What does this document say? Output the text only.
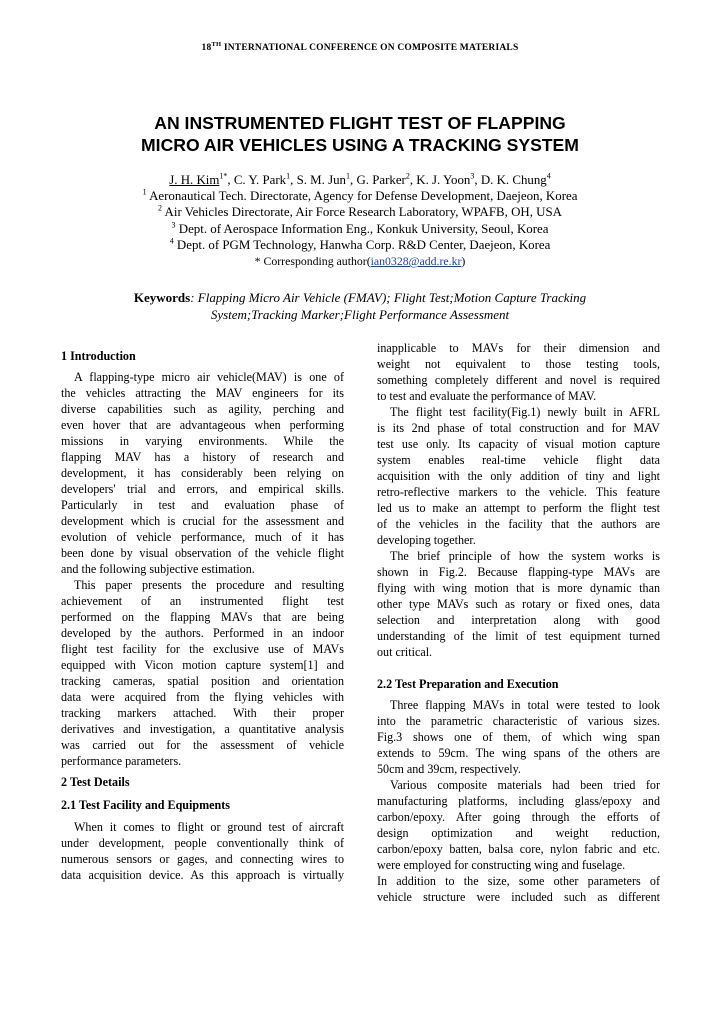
18TH INTERNATIONAL CONFERENCE ON COMPOSITE MATERIALS
AN INSTRUMENTED FLIGHT TEST OF FLAPPING
MICRO AIR VEHICLES USING A TRACKING SYSTEM
J. H. Kim$^{1*}$, C. Y. Park$^1$, S. M. Jun$^1$, G. Parker$^2$, K. J. Yoon$^3$, D. K. Chung$^4$
$^1$ Aeronautical Tech. Directorate, Agency for Defense Development, Daejeon, Korea
$^2$ Air Vehicles Directorate, Air Force Research Laboratory, WPAFB, OH, USA
$^3$ Dept. of Aerospace Information Eng., Konkuk University, Seoul, Korea
$^4$ Dept. of PGM Technology, Hanwha Corp. R&D Center, Daejeon, Korea
* Corresponding author(ian0328@add.re.kr)
Keywords: Flapping Micro Air Vehicle (FMAV); Flight Test;Motion Capture Tracking
System;Tracking Marker;Flight Performance Assessment
1 Introduction
A flapping-type micro air vehicle(MAV) is one of
the vehicles attracting the MAV engineers for its
diverse capabilities such as agility, perching and
even hover that are advantageous when performing
missions in varying environments. While the
flapping MAV has a history of research and
development, it has considerably been relying on
developers' trial and errors, and empirical skills.
Particularly in test and evaluation phase of
development which is crucial for the assessment and
evolution of vehicle performance, much of it has
been done by visual observation of the vehicle flight
and the following subjective estimation.
This paper presents the procedure and resulting
achievement of an instrumented flight test
performed on the flapping MAVs that are being
developed by the authors. Performed in an indoor
flight test facility for the exclusive use of MAVs
equipped with Vicon motion capture system[1] and
tracking cameras, spatial position and orientation
data were acquired from the flying vehicles with
tracking markers attached. With their proper
derivatives and investigation, a quantitative analysis
was carried out for the assessment of vehicle
performance parameters.
2 Test Details
2.1 Test Facility and Equipments
When it comes to flight or ground test of aircraft
under development, people conventionally think of
numerous sensors or gages, and connecting wires to
data acquisition device. As this approach is virtually
inapplicable to MAVs for their dimension and
weight not equivalent to those testing tools,
something completely different and novel is required
to test and evaluate the performance of MAV.
The flight test facility(Fig.1) newly built in AFRL
is its 2nd phase of total construction and for MAV
test use only. Its capacity of visual motion capture
system enables real-time vehicle flight data
acquisition with the only addition of tiny and light
retro-reflective markers to the vehicle. This feature
led us to make an attempt to perform the flight test
of the vehicles in the facility that the authors are
developing together.
The brief principle of how the system works is
shown in Fig.2. Because flapping-type MAVs are
flying with wing motion that is more dynamic than
other type MAVs such as rotary or fixed ones, data
selection and interpretation along with good
understanding of the limit of test equipment turned
out critical.
2.2 Test Preparation and Execution
Three flapping MAVs in total were tested to look
into the parametric characteristic of various sizes.
Fig.3 shows one of them, of which wing span
extends to 59cm. The wing spans of the others are
50cm and 39cm, respectively.
Various composite materials had been tried for
manufacturing platforms, including glass/epoxy and
carbon/epoxy. After going through the efforts of
design optimization and weight reduction,
carbon/epoxy batten, balsa core, nylon fabric and etc.
were employed for constructing wing and fuselage.
In addition to the size, some other parameters of
vehicle structure were included such as different
